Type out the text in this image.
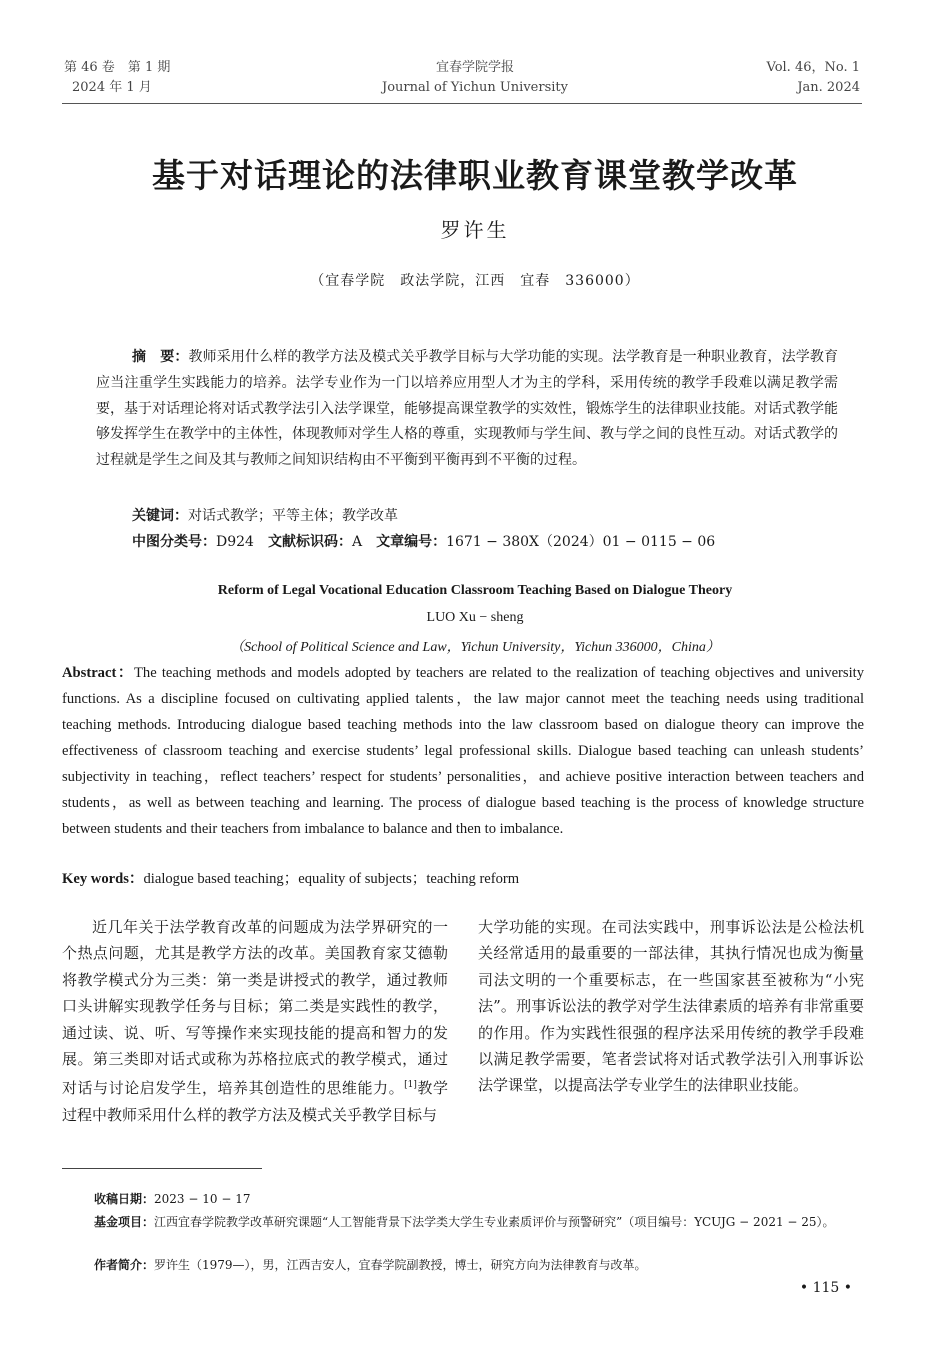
第 46 卷　第 1 期
2024 年 1 月
宜春学院学报
Journal of Yichun University
Vol. 46，No. 1
Jan. 2024
基于对话理论的法律职业教育课堂教学改革
罗许生
（宜春学院　政法学院，江西　宜春　336000）
摘　要：教师采用什么样的教学方法及模式关乎教学目标与大学功能的实现。法学教育是一种职业教育，法学教育应当注重学生实践能力的培养。法学专业作为一门以培养应用型人才为主的学科，采用传统的教学手段难以满足教学需要，基于对话理论将对话式教学法引入法学课堂，能够提高课堂教学的实效性，锻炼学生的法律职业技能。对话式教学能够发挥学生在教学中的主体性，体现教师对学生人格的尊重，实现教师与学生间、教与学之间的良性互动。对话式教学的过程就是学生之间及其与教师之间知识结构由不平衡到平衡再到不平衡的过程。
关键词：对话式教学；平等主体；教学改革
中图分类号：D924　 文献标识码：A　 文章编号：1671 − 380X（2024）01 − 0115 − 06
Reform of Legal Vocational Education Classroom Teaching Based on Dialogue Theory
LUO Xu − sheng
（School of Political Science and Law，Yichun University，Yichun 336000，China）
Abstract：The teaching methods and models adopted by teachers are related to the realization of teaching objectives and university functions. As a discipline focused on cultivating applied talents，the law major cannot meet the teaching needs using traditional teaching methods. Introducing dialogue based teaching methods into the law classroom based on dialogue theory can improve the effectiveness of classroom teaching and exercise students’ legal professional skills. Dialogue based teaching can unleash students’ subjectivity in teaching，reflect teachers’ respect for students’ personalities，and achieve positive interaction between teachers and students，as well as between teaching and learning. The process of dialogue based teaching is the process of knowledge structure between students and their teachers from imbalance to balance and then to imbalance.
Key words：dialogue based teaching；equality of subjects；teaching reform
近几年关于法学教育改革的问题成为法学界研究的一个热点问题，尤其是教学方法的改革。美国教育家艾德勒将教学模式分为三类：第一类是讲授式的教学，通过教师口头讲解实现教学任务与目标；第二类是实践性的教学，通过读、说、听、写等操作来实现技能的提高和智力的发展。第三类即对话式或称为苏格拉底式的教学模式，通过对话与讨论启发学生，培养其创造性的思维能力。[1]教学过程中教师采用什么样的教学方法及模式关乎教学目标与
大学功能的实现。在司法实践中，刑事诉讼法是公检法机关经常适用的最重要的一部法律，其执行情况也成为衡量司法文明的一个重要标志，在一些国家甚至被称为“小宪法”。刑事诉讼法的教学对学生法律素质的培养有非常重要的作用。作为实践性很强的程序法采用传统的教学手段难以满足教学需要，笔者尝试将对话式教学法引入刑事诉讼法学课堂，以提高法学专业学生的法律职业技能。
收稿日期：2023 − 10 − 17
基金项目：江西宜春学院教学改革研究课题“人工智能背景下法学类大学生专业素质评价与预警研究”（项目编号：YCUJG − 2021 − 25）。
作者简介：罗许生（1979—），男，江西吉安人，宜春学院副教授，博士，研究方向为法律教育与改革。
• 115 •
